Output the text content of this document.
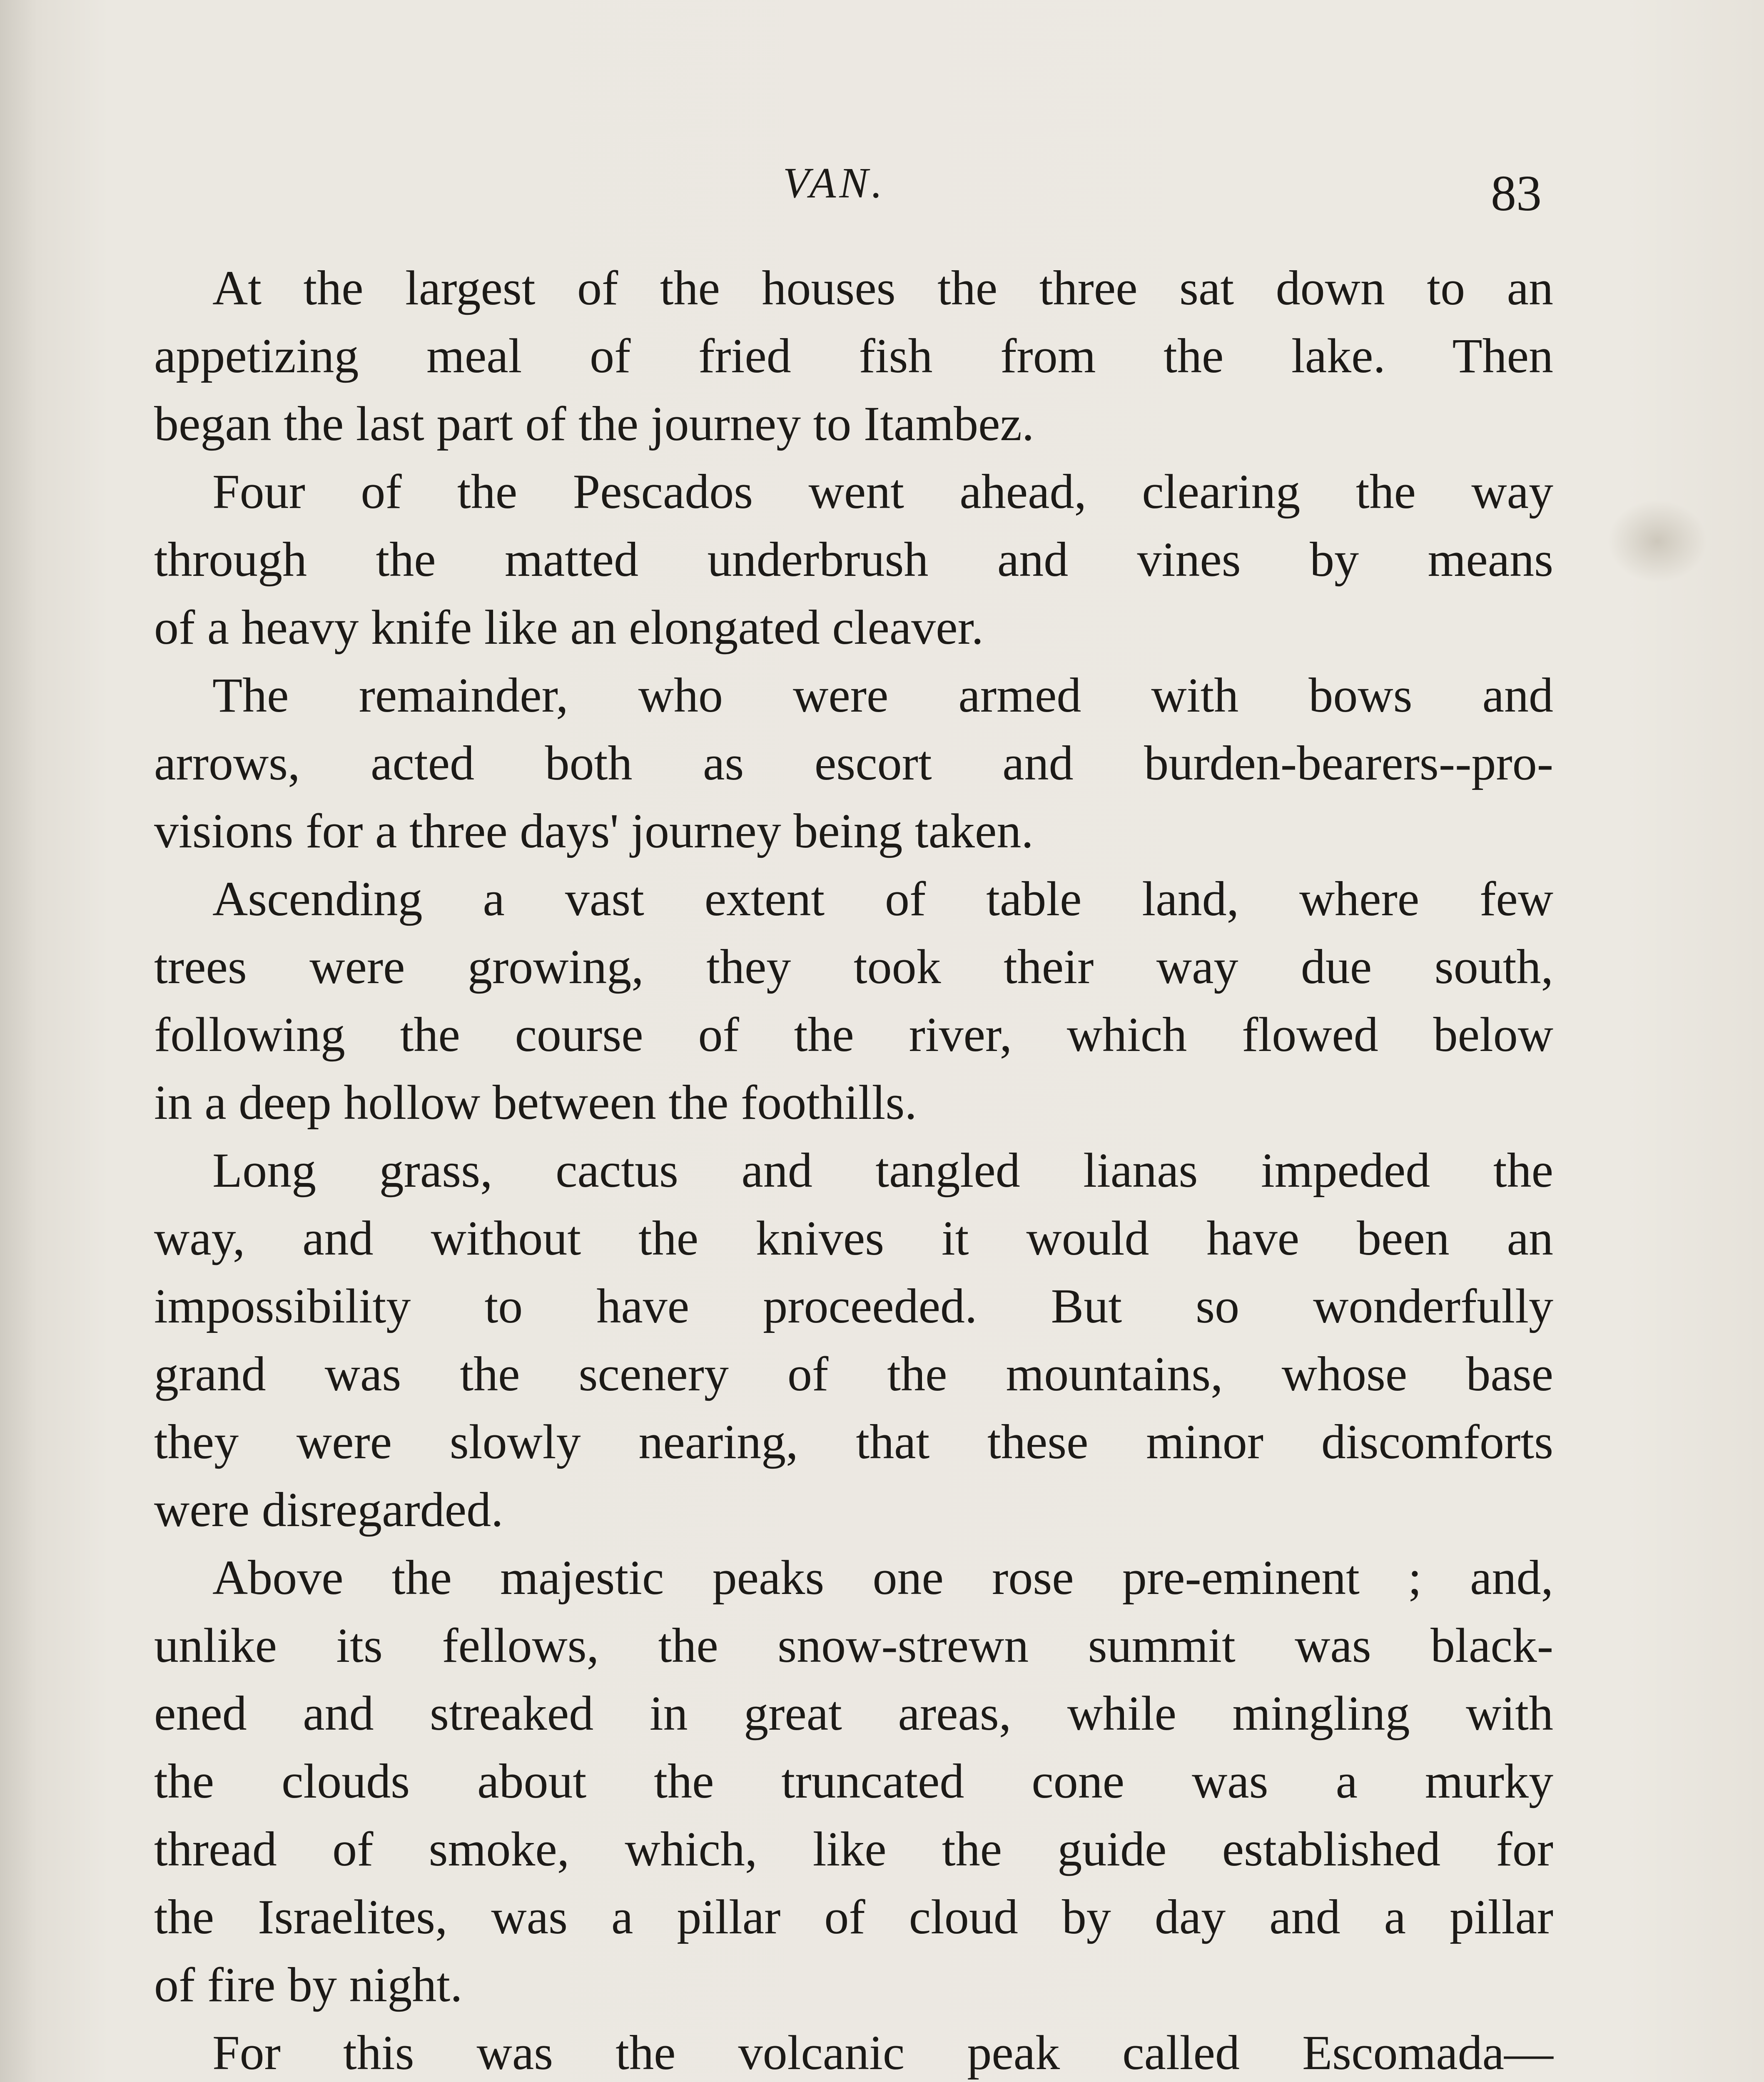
VAN.	83

At the largest of the houses the three sat down to an
appetizing meal of fried fish from the lake. Then
began the last part of the journey to Itambez.

Four of the Pescados went ahead, clearing the way
through the matted underbrush and vines by means
of a heavy knife like an elongated cleaver.

The remainder, who were armed with bows and
arrows, acted both as escort and burden-bearers--pro-
visions for a three days' journey being taken.

Ascending a vast extent of table land, where few
trees were growing, they took their way due south,
following the course of the river, which flowed below
in a deep hollow between the foothills.

Long grass, cactus and tangled lianas impeded the
way, and without the knives it would have been an
impossibility to have proceeded. But so wonderfully
grand was the scenery of the mountains, whose base
they were slowly nearing, that these minor discomforts
were disregarded.

Above the majestic peaks one rose pre-eminent ; and,
unlike its fellows, the snow-strewn summit was black-
ened and streaked in great areas, while mingling with
the clouds about the truncated cone was a murky
thread of smoke, which, like the guide established for
the Israelites, was a pillar of cloud by day and a pillar
of fire by night.

For this was the volcanic peak called Escomada—
